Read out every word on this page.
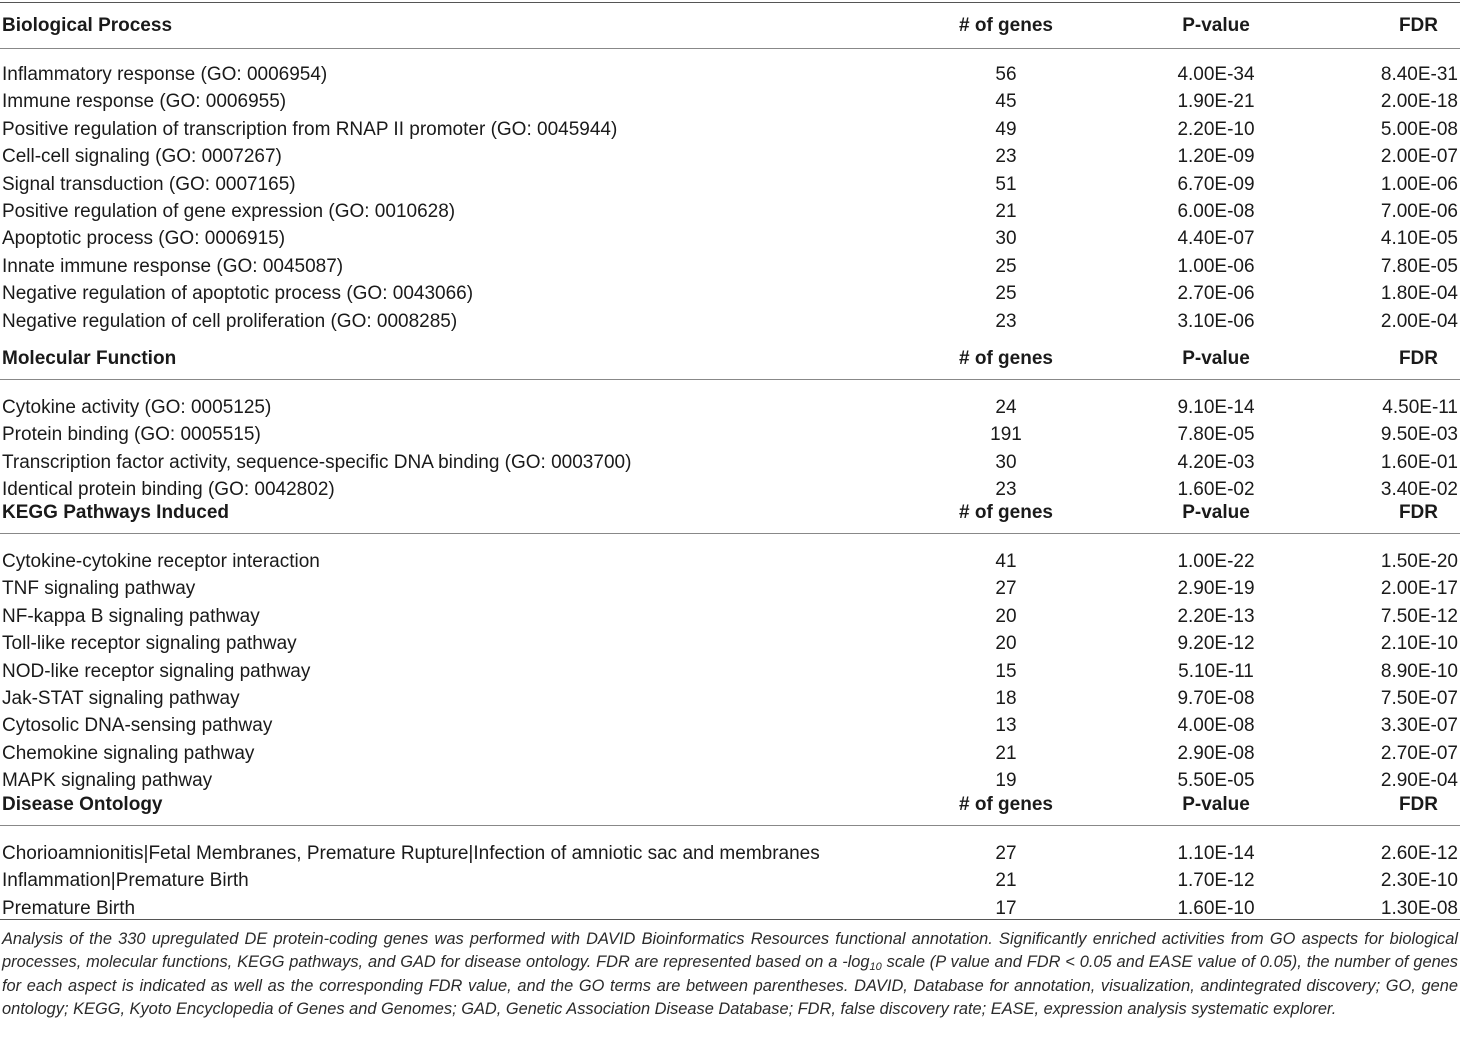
Biological Process	# of genes	P-value	FDR
Inflammatory response (GO: 0006954)	56	4.00E-34	8.40E-31
Immune response (GO: 0006955)	45	1.90E-21	2.00E-18
Positive regulation of transcription from RNAP II promoter (GO: 0045944)	49	2.20E-10	5.00E-08
Cell-cell signaling (GO: 0007267)	23	1.20E-09	2.00E-07
Signal transduction (GO: 0007165)	51	6.70E-09	1.00E-06
Positive regulation of gene expression (GO: 0010628)	21	6.00E-08	7.00E-06
Apoptotic process (GO: 0006915)	30	4.40E-07	4.10E-05
Innate immune response (GO: 0045087)	25	1.00E-06	7.80E-05
Negative regulation of apoptotic process (GO: 0043066)	25	2.70E-06	1.80E-04
Negative regulation of cell proliferation (GO: 0008285)	23	3.10E-06	2.00E-04
Molecular Function	# of genes	P-value	FDR
Cytokine activity (GO: 0005125)	24	9.10E-14	4.50E-11
Protein binding (GO: 0005515)	191	7.80E-05	9.50E-03
Transcription factor activity, sequence-specific DNA binding (GO: 0003700)	30	4.20E-03	1.60E-01
Identical protein binding (GO: 0042802)	23	1.60E-02	3.40E-02
KEGG Pathways Induced	# of genes	P-value	FDR
Cytokine-cytokine receptor interaction	41	1.00E-22	1.50E-20
TNF signaling pathway	27	2.90E-19	2.00E-17
NF-kappa B signaling pathway	20	2.20E-13	7.50E-12
Toll-like receptor signaling pathway	20	9.20E-12	2.10E-10
NOD-like receptor signaling pathway	15	5.10E-11	8.90E-10
Jak-STAT signaling pathway	18	9.70E-08	7.50E-07
Cytosolic DNA-sensing pathway	13	4.00E-08	3.30E-07
Chemokine signaling pathway	21	2.90E-08	2.70E-07
MAPK signaling pathway	19	5.50E-05	2.90E-04
Disease Ontology	# of genes	P-value	FDR
Chorioamnionitis|Fetal Membranes, Premature Rupture|Infection of amniotic sac and membranes	27	1.10E-14	2.60E-12
Inflammation|Premature Birth	21	1.70E-12	2.30E-10
Premature Birth	17	1.60E-10	1.30E-08
Analysis of the 330 upregulated DE protein-coding genes was performed with DAVID Bioinformatics Resources functional annotation. Significantly enriched activities from GO aspects for biological processes, molecular functions, KEGG pathways, and GAD for disease ontology. FDR are represented based on a $-\log_{10}$ scale (P value and FDR < 0.05 and EASE value of 0.05), the number of genes for each aspect is indicated as well as the corresponding FDR value, and the GO terms are between parentheses. DAVID, Database for annotation, visualization, andintegrated discovery; GO, gene ontology; KEGG, Kyoto Encyclopedia of Genes and Genomes; GAD, Genetic Association Disease Database; FDR, false discovery rate; EASE, expression analysis systematic explorer.
